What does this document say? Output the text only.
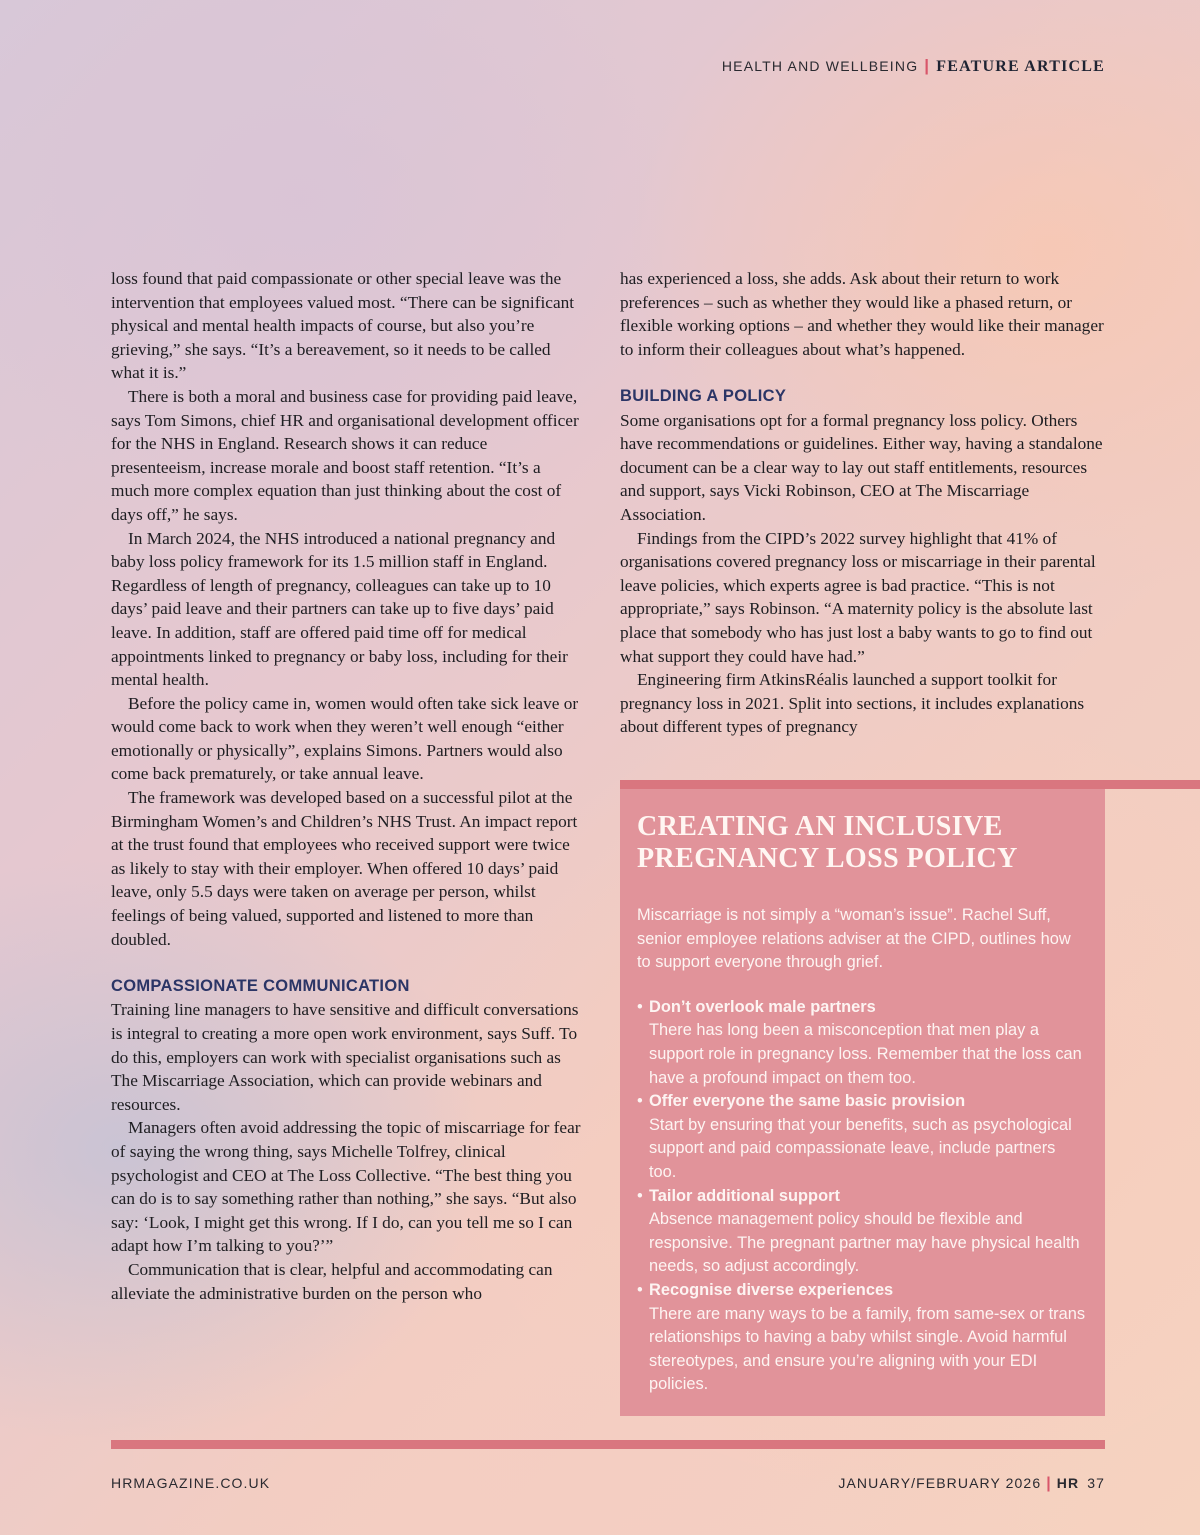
HEALTH AND WELLBEING | FEATURE ARTICLE

loss found that paid compassionate or other special leave was the intervention that employees valued most. “There can be significant physical and mental health impacts of course, but also you’re grieving,” she says. “It’s a bereavement, so it needs to be called what it is.”

There is both a moral and business case for providing paid leave, says Tom Simons, chief HR and organisational development officer for the NHS in England. Research shows it can reduce presenteeism, increase morale and boost staff retention. “It’s a much more complex equation than just thinking about the cost of days off,” he says.

In March 2024, the NHS introduced a national pregnancy and baby loss policy framework for its 1.5 million staff in England. Regardless of length of pregnancy, colleagues can take up to 10 days’ paid leave and their partners can take up to five days’ paid leave. In addition, staff are offered paid time off for medical appointments linked to pregnancy or baby loss, including for their mental health.

Before the policy came in, women would often take sick leave or would come back to work when they weren’t well enough “either emotionally or physically”, explains Simons. Partners would also come back prematurely, or take annual leave.

The framework was developed based on a successful pilot at the Birmingham Women’s and Children’s NHS Trust. An impact report at the trust found that employees who received support were twice as likely to stay with their employer. When offered 10 days’ paid leave, only 5.5 days were taken on average per person, whilst feelings of being valued, supported and listened to more than doubled.

COMPASSIONATE COMMUNICATION

Training line managers to have sensitive and difficult conversations is integral to creating a more open work environment, says Suff. To do this, employers can work with specialist organisations such as The Miscarriage Association, which can provide webinars and resources.

Managers often avoid addressing the topic of miscarriage for fear of saying the wrong thing, says Michelle Tolfrey, clinical psychologist and CEO at The Loss Collective. “The best thing you can do is to say something rather than nothing,” she says. “But also say: ‘Look, I might get this wrong. If I do, can you tell me so I can adapt how I’m talking to you?’”

Communication that is clear, helpful and accommodating can alleviate the administrative burden on the person who

has experienced a loss, she adds. Ask about their return to work preferences – such as whether they would like a phased return, or flexible working options – and whether they would like their manager to inform their colleagues about what’s happened.

BUILDING A POLICY

Some organisations opt for a formal pregnancy loss policy. Others have recommendations or guidelines. Either way, having a standalone document can be a clear way to lay out staff entitlements, resources and support, says Vicki Robinson, CEO at The Miscarriage Association.

Findings from the CIPD’s 2022 survey highlight that 41% of organisations covered pregnancy loss or miscarriage in their parental leave policies, which experts agree is bad practice. “This is not appropriate,” says Robinson. “A maternity policy is the absolute last place that somebody who has just lost a baby wants to go to find out what support they could have had.”

Engineering firm AtkinsRéalis launched a support toolkit for pregnancy loss in 2021. Split into sections, it includes explanations about different types of pregnancy

CREATING AN INCLUSIVE
PREGNANCY LOSS POLICY

Miscarriage is not simply a “woman’s issue”. Rachel Suff, senior employee relations adviser at the CIPD, outlines how to support everyone through grief.

• Don’t overlook male partners
There has long been a misconception that men play a support role in pregnancy loss. Remember that the loss can have a profound impact on them too.
• Offer everyone the same basic provision
Start by ensuring that your benefits, such as psychological support and paid compassionate leave, include partners too.
• Tailor additional support
Absence management policy should be flexible and responsive. The pregnant partner may have physical health needs, so adjust accordingly.
• Recognise diverse experiences
There are many ways to be a family, from same-sex or trans relationships to having a baby whilst single. Avoid harmful stereotypes, and ensure you’re aligning with your EDI policies.
HRMAGAZINE.CO.UK	JANUARY/FEBRUARY 2026 | HR 37
